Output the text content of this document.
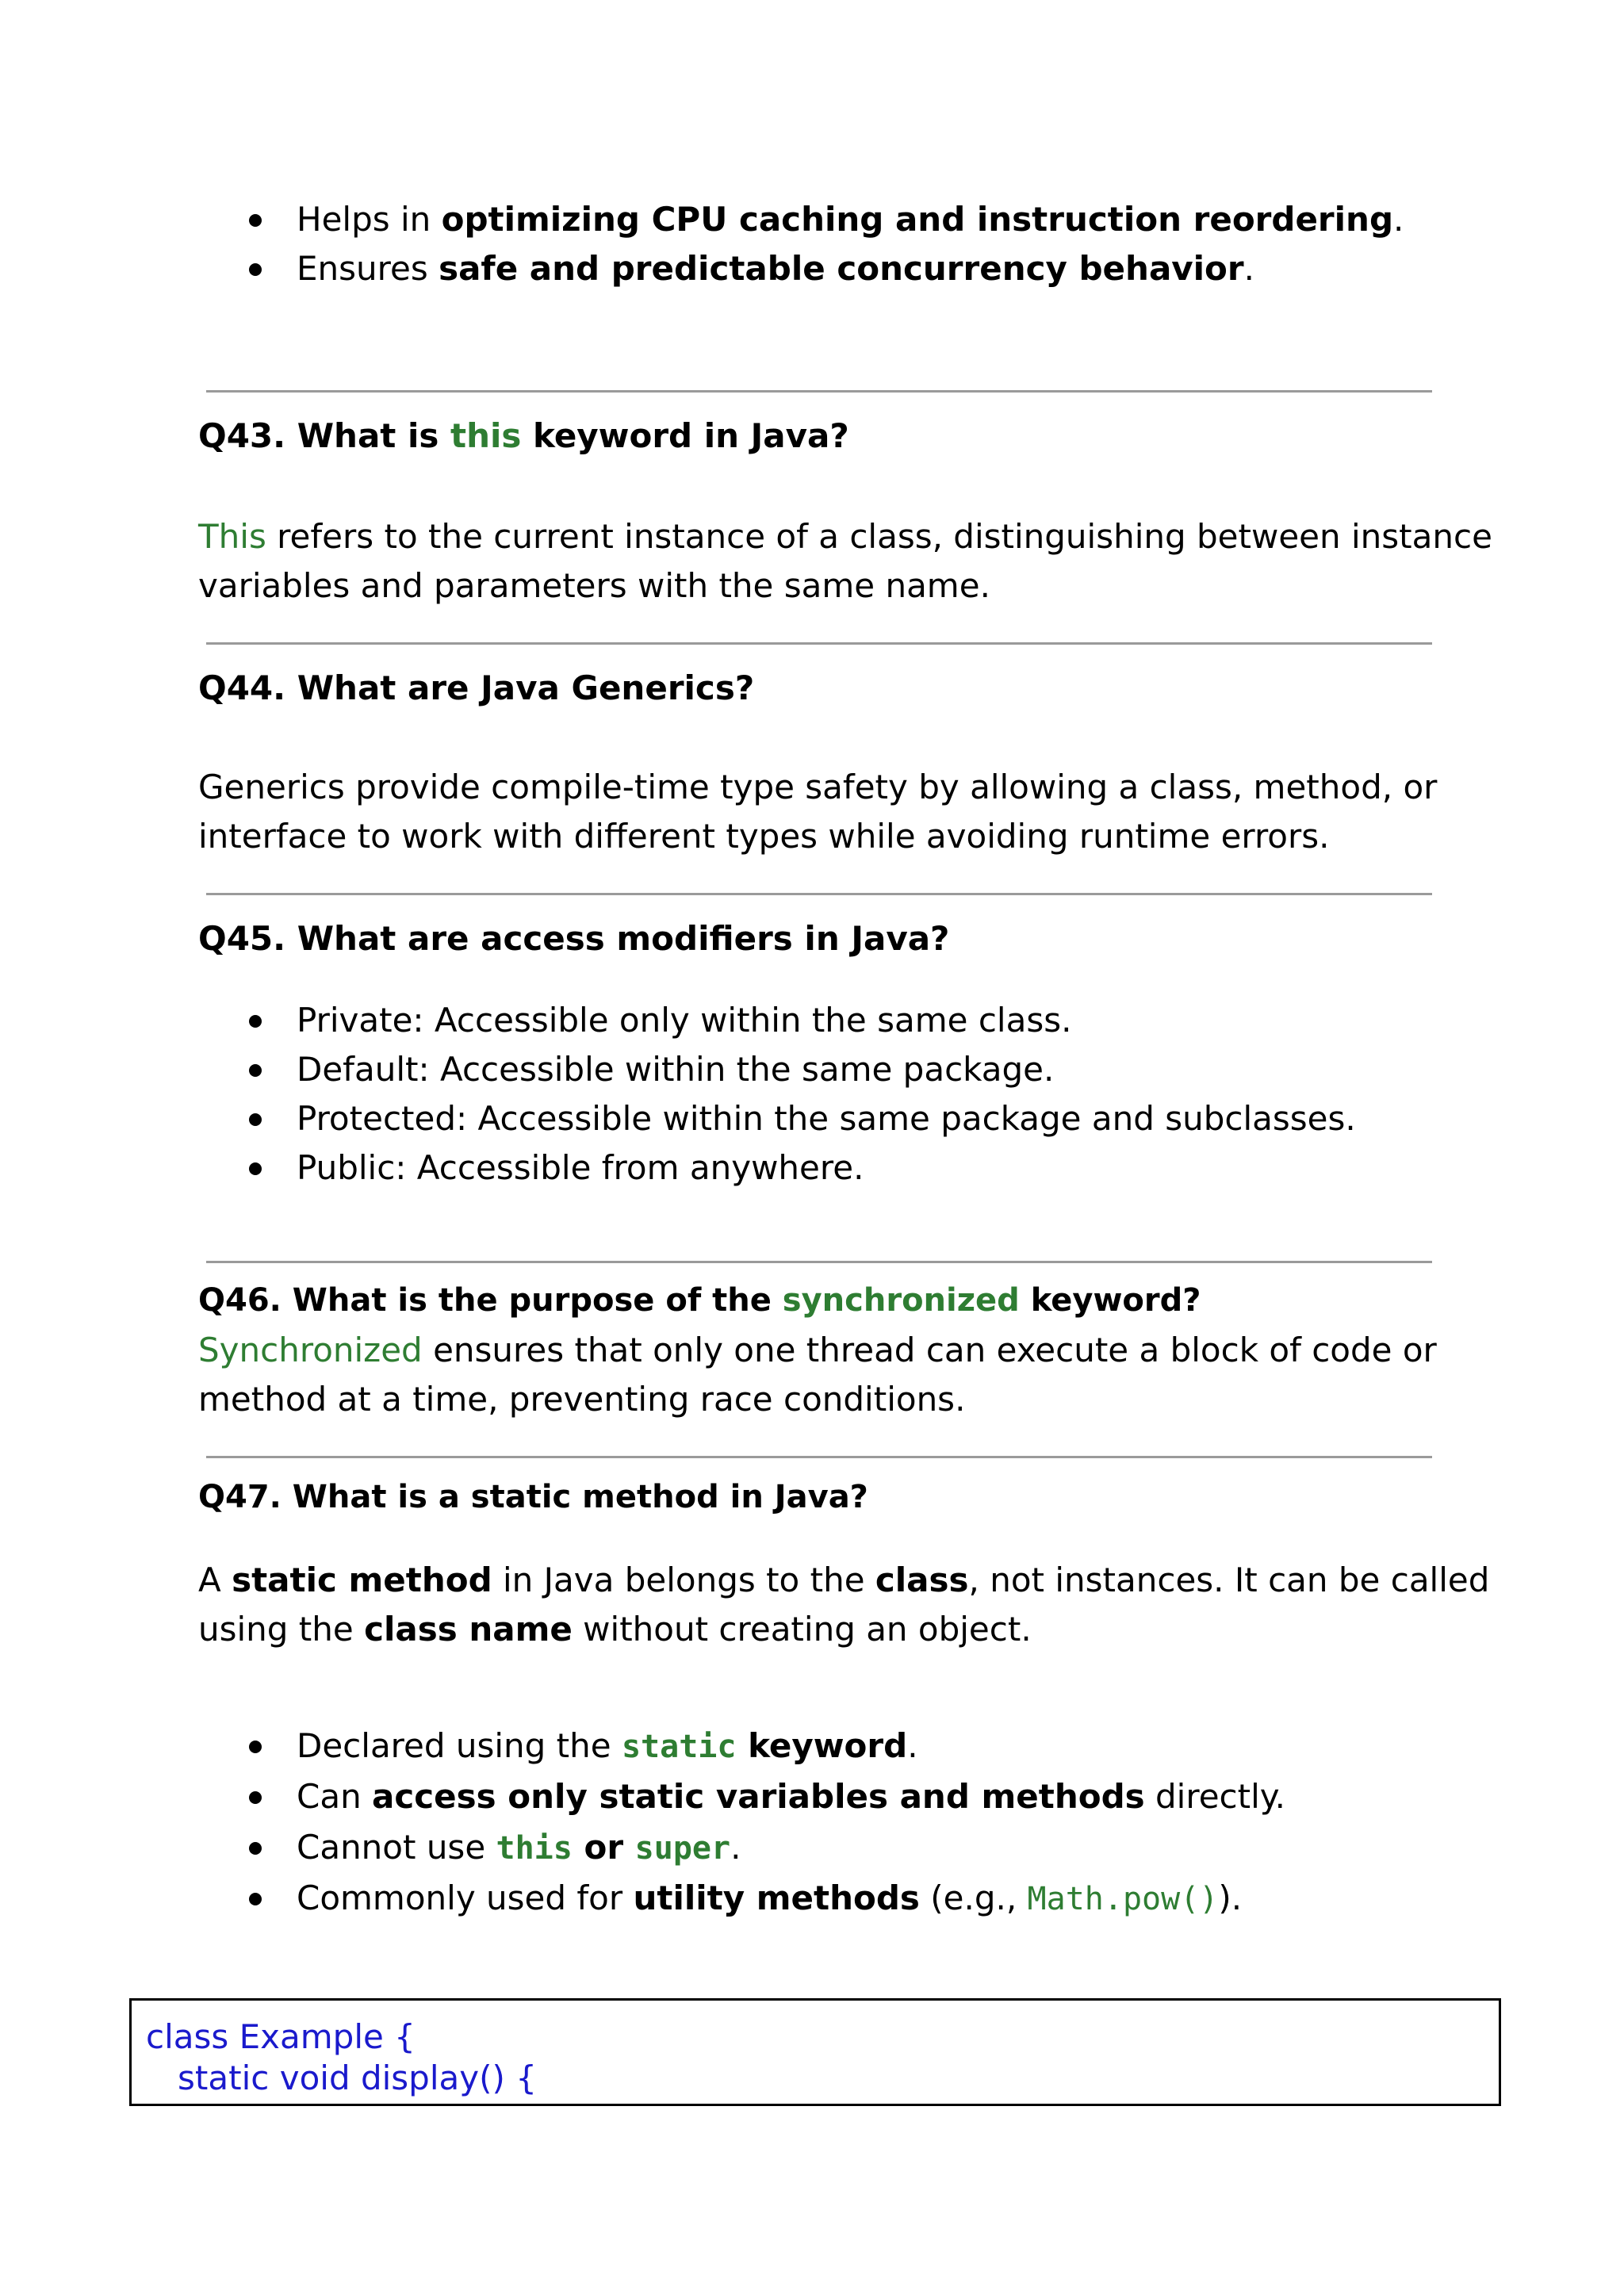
Helps in optimizing CPU caching and instruction reordering.
Ensures safe and predictable concurrency behavior.
Q43. What is this keyword in Java?
This refers to the current instance of a class, distinguishing between instance
variables and parameters with the same name.
Q44. What are Java Generics?
Generics provide compile-time type safety by allowing a class, method, or
interface to work with different types while avoiding runtime errors.
Q45. What are access modifiers in Java?
Private: Accessible only within the same class.
Default: Accessible within the same package.
Protected: Accessible within the same package and subclasses.
Public: Accessible from anywhere.
Q46. What is the purpose of the synchronized keyword?
Synchronized ensures that only one thread can execute a block of code or
method at a time, preventing race conditions.
Q47. What is a static method in Java?
A static method in Java belongs to the class, not instances. It can be called
using the class name without creating an object.
Declared using the static keyword.
Can access only static variables and methods directly.
Cannot use this or super.
Commonly used for utility methods (e.g., Math.pow()).
class Example {
static void display() {
